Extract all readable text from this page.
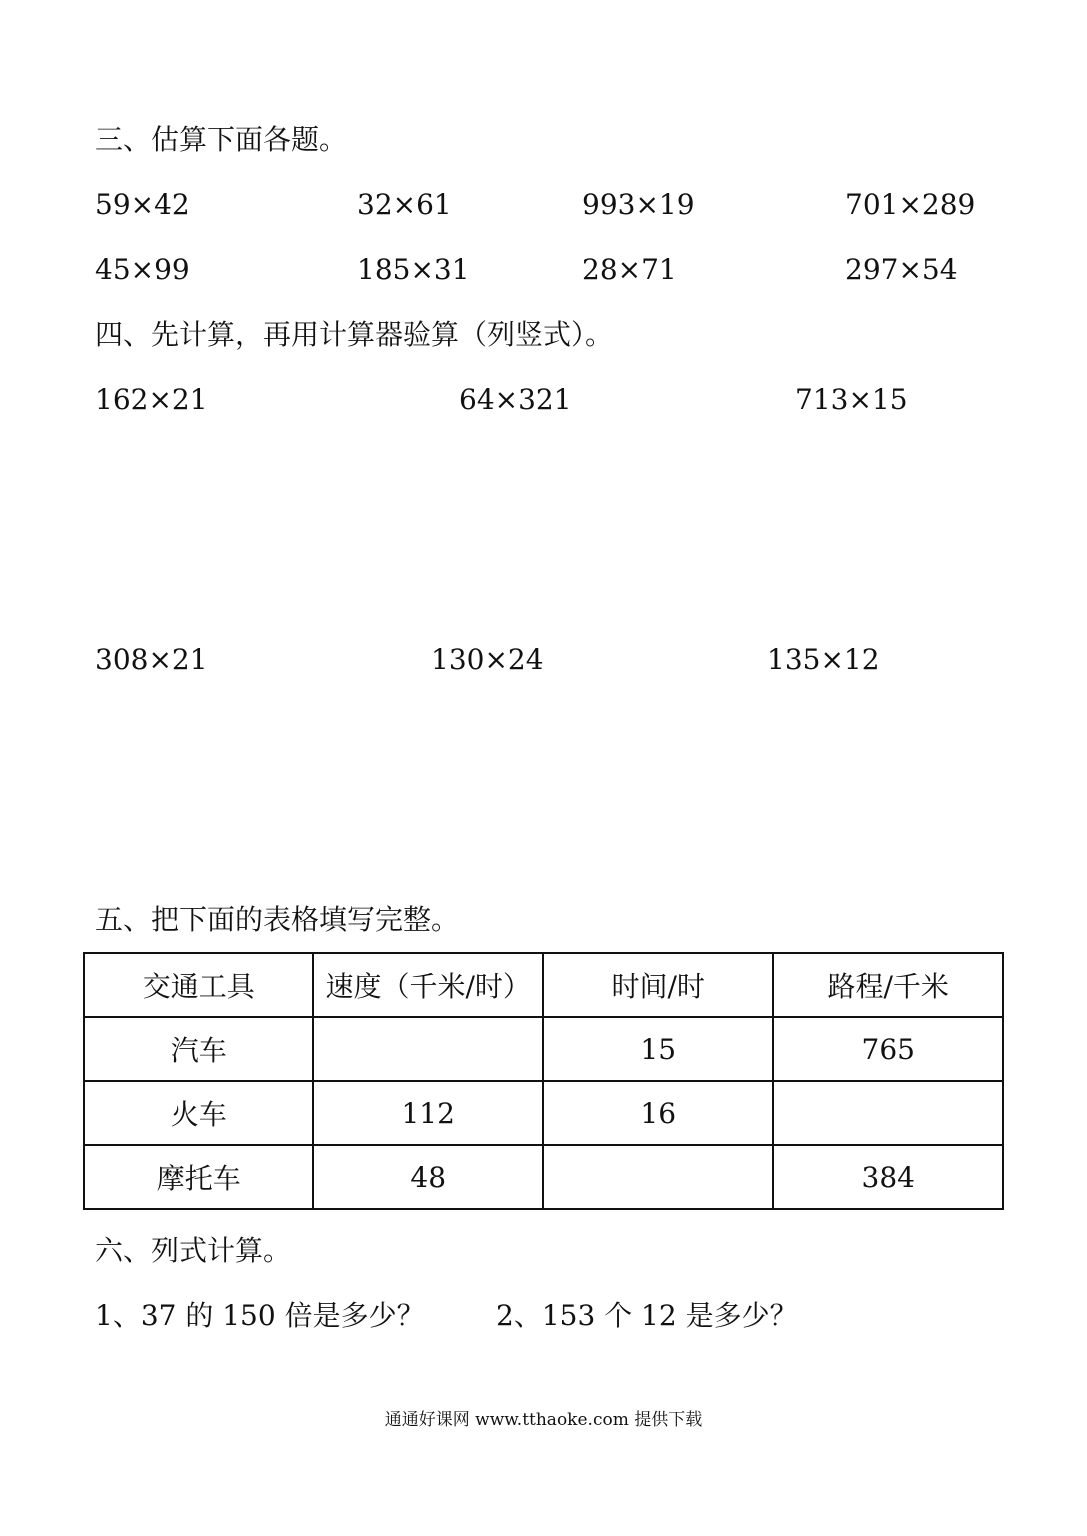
三、估算下面各题。
59×42	32×61	993×19	701×289
45×99	185×31	28×71	297×54
四、先计算，再用计算器验算（列竖式）。
162×21	64×321	713×15
308×21	130×24	135×12
五、把下面的表格填写完整。
交通工具	速度（千米/时）	时间/时	路程/千米
汽车		15	765
火车	112	16	
摩托车	48		384
六、列式计算。
1、37 的 150 倍是多少？	2、153 个 12 是多少？
通通好课网 www.tthaoke.com 提供下载
